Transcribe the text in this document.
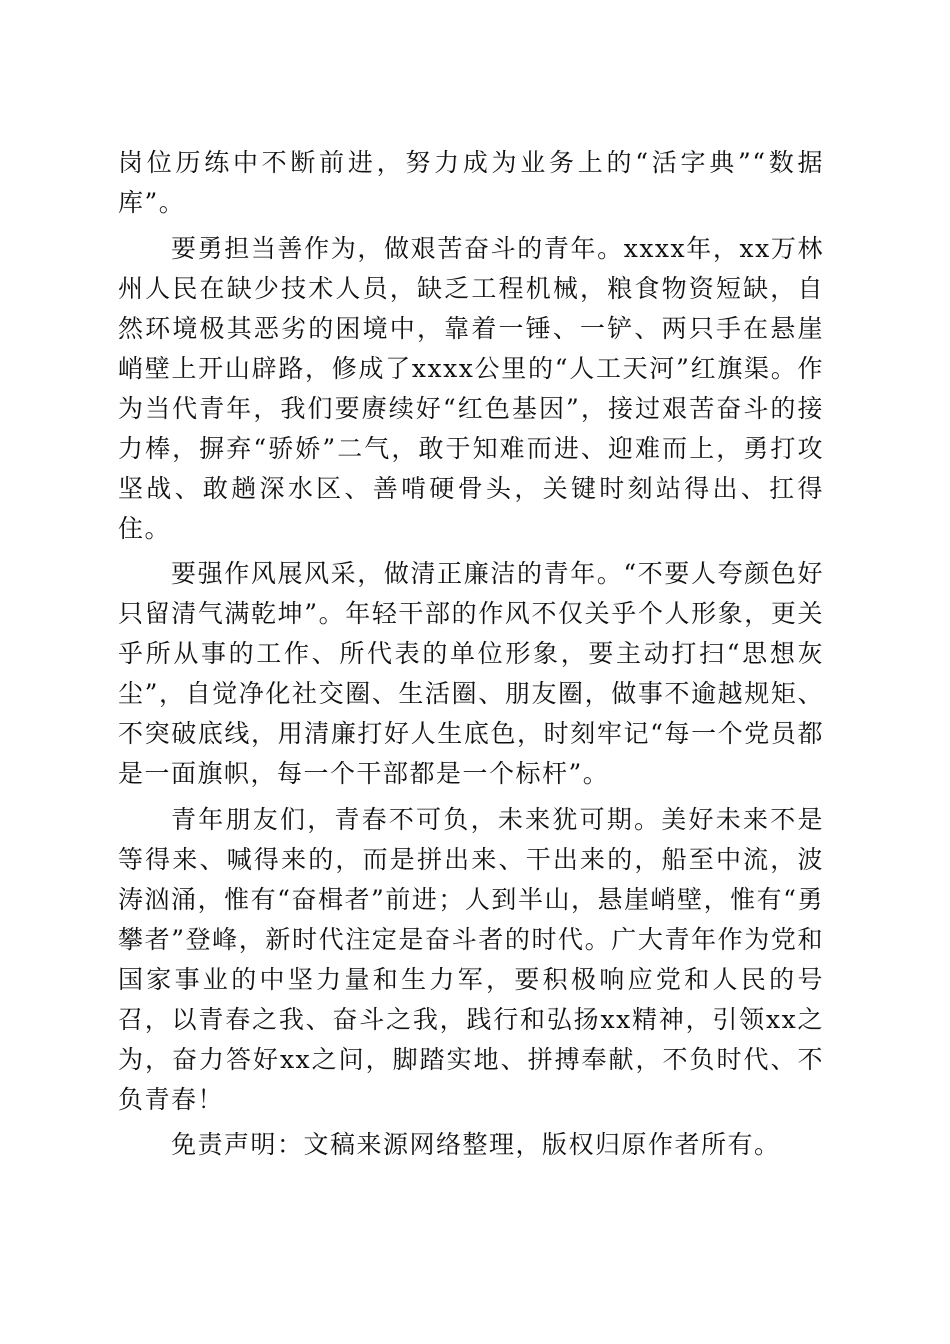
岗位历练中不断前进，努力成为业务上的“活字典”“数据库”。

要勇担当善作为，做艰苦奋斗的青年。xxxx年，xx万林州人民在缺少技术人员，缺乏工程机械，粮食物资短缺，自然环境极其恶劣的困境中，靠着一锤、一铲、两只手在悬崖峭壁上开山辟路，修成了xxxx公里的“人工天河”红旗渠。作为当代青年，我们要赓续好“红色基因”，接过艰苦奋斗的接力棒，摒弃“骄娇”二气，敢于知难而进、迎难而上，勇打攻坚战、敢趟深水区、善啃硬骨头，关键时刻站得出、扛得住。

要强作风展风采，做清正廉洁的青年。“不要人夸颜色好只留清气满乾坤”。年轻干部的作风不仅关乎个人形象，更关乎所从事的工作、所代表的单位形象，要主动打扫“思想灰尘”，自觉净化社交圈、生活圈、朋友圈，做事不逾越规矩、不突破底线，用清廉打好人生底色，时刻牢记“每一个党员都是一面旗帜，每一个干部都是一个标杆”。

青年朋友们，青春不可负，未来犹可期。美好未来不是等得来、喊得来的，而是拼出来、干出来的，船至中流，波涛汹涌，惟有“奋楫者”前进；人到半山，悬崖峭壁，惟有“勇攀者”登峰，新时代注定是奋斗者的时代。广大青年作为党和国家事业的中坚力量和生力军，要积极响应党和人民的号召，以青春之我、奋斗之我，践行和弘扬xx精神，引领xx之为，奋力答好xx之问，脚踏实地、拼搏奉献，不负时代、不负青春！

免责声明：文稿来源网络整理，版权归原作者所有。
